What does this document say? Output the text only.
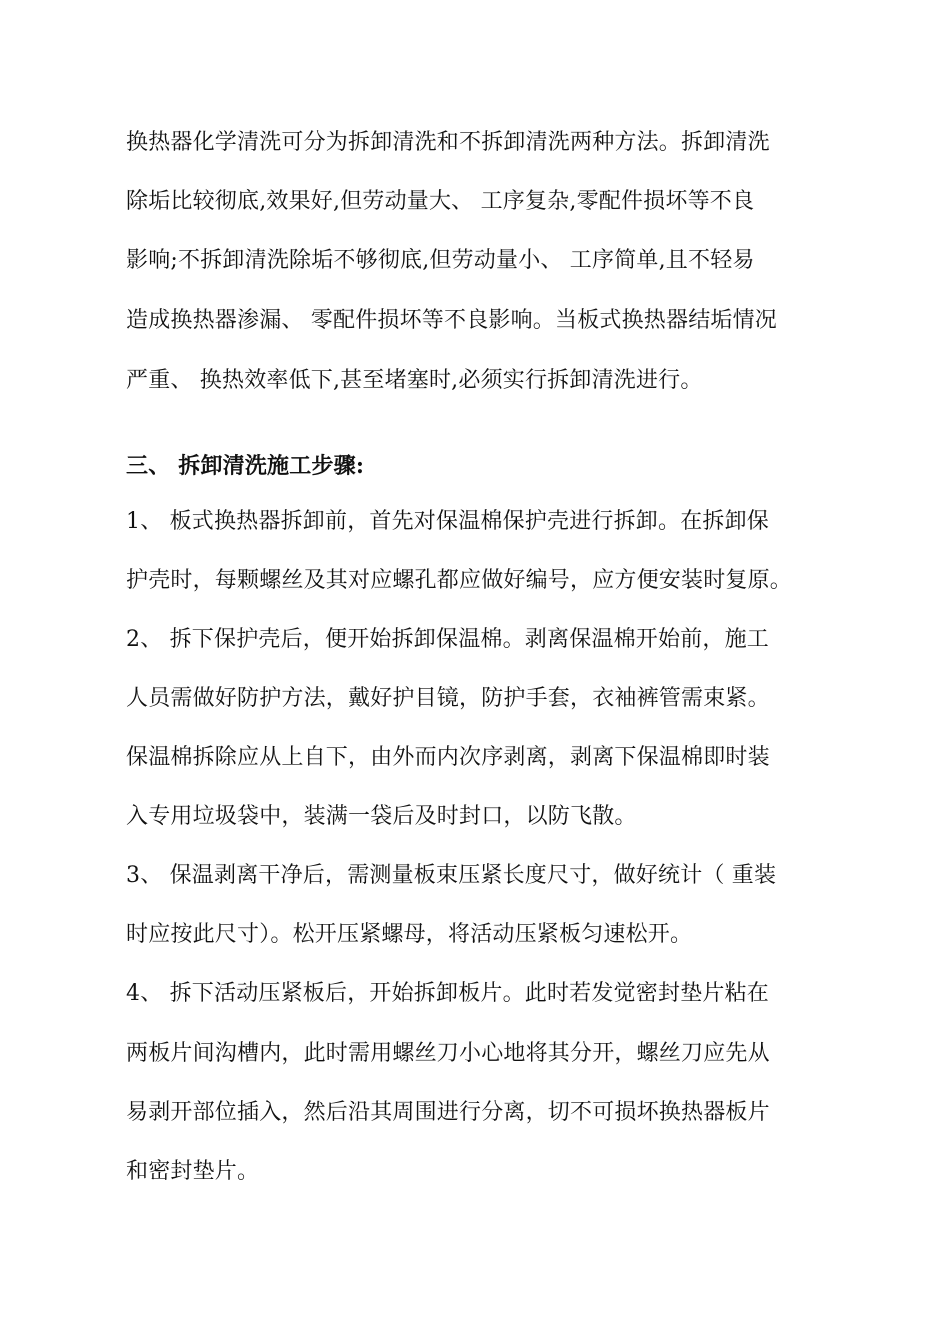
换热器化学清洗可分为拆卸清洗和不拆卸清洗两种方法。拆卸清洗
除垢比较彻底,效果好,但劳动量大、 工序复杂,零配件损坏等不良
影响;不拆卸清洗除垢不够彻底,但劳动量小、 工序简单,且不轻易
造成换热器渗漏、 零配件损坏等不良影响。当板式换热器结垢情况
严重、 换热效率低下,甚至堵塞时,必须实行拆卸清洗进行。
三、 拆卸清洗施工步骤:
1、 板式换热器拆卸前，首先对保温棉保护壳进行拆卸。在拆卸保
护壳时，每颗螺丝及其对应螺孔都应做好编号，应方便安装时复原。
2、 拆下保护壳后，便开始拆卸保温棉。剥离保温棉开始前，施工
人员需做好防护方法，戴好护目镜，防护手套，衣袖裤管需束紧。
保温棉拆除应从上自下，由外而内次序剥离，剥离下保温棉即时装
入专用垃圾袋中，装满一袋后及时封口，以防飞散。
3、 保温剥离干净后，需测量板束压紧长度尺寸，做好统计（ 重装
时应按此尺寸）。松开压紧螺母，将活动压紧板匀速松开。
4、 拆下活动压紧板后，开始拆卸板片。此时若发觉密封垫片粘在
两板片间沟槽内，此时需用螺丝刀小心地将其分开，螺丝刀应先从
易剥开部位插入，然后沿其周围进行分离，切不可损坏换热器板片
和密封垫片。
